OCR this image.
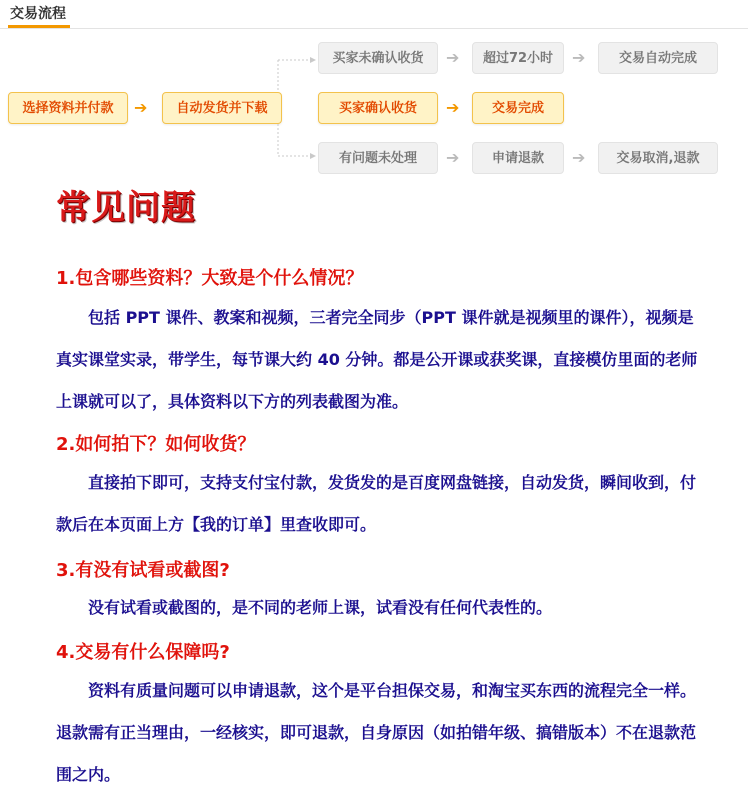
交易流程
选择资料并付款	➔	自动发货并下载
买家未确认收货	➔	超过72小时	➔	交易自动完成
买家确认收货	➔	交易完成
有问题未处理	➔	申请退款	➔	交易取消,退款
常见问题
1.包含哪些资料？大致是个什么情况？

包括 PPT 课件、教案和视频，三者完全同步（PPT 课件就是视频里的课件），视频是真实课堂实录，带学生，每节课大约 40 分钟。都是公开课或获奖课，直接模仿里面的老师上课就可以了，具体资料以下方的列表截图为准。

2.如何拍下？如何收货？

直接拍下即可，支持支付宝付款，发货发的是百度网盘链接，自动发货，瞬间收到，付款后在本页面上方【我的订单】里查收即可。

3.有没有试看或截图?

没有试看或截图的，是不同的老师上课，试看没有任何代表性的。

4.交易有什么保障吗?

资料有质量问题可以申请退款，这个是平台担保交易，和淘宝买东西的流程完全一样。退款需有正当理由，一经核实，即可退款，自身原因（如拍错年级、搞错版本）不在退款范围之内。
